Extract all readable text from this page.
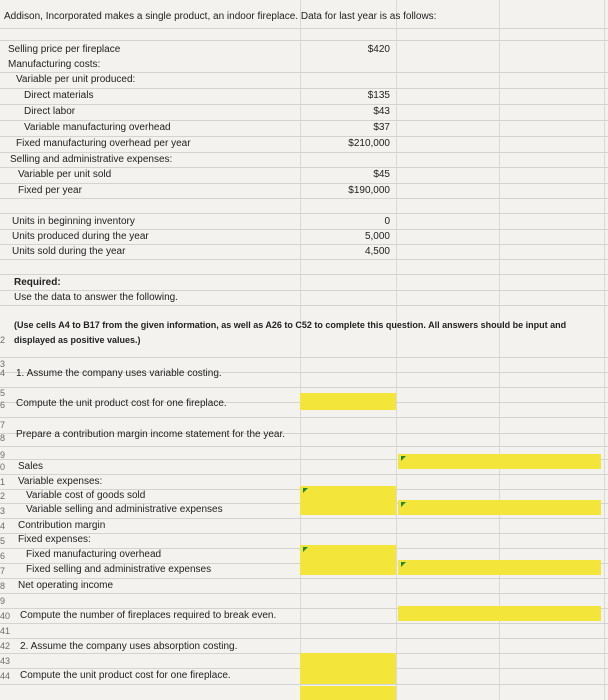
Addison, Incorporated makes a single product, an indoor fireplace. Data for last year is as follows:
Selling price per fireplace	$420
Manufacturing costs:
Variable per unit produced:
Direct materials	$135
Direct labor	$43
Variable manufacturing overhead	$37
Fixed manufacturing overhead per year	$210,000
Selling and administrative expenses:
Variable per unit sold	$45
Fixed per year	$190,000
Units in beginning inventory	0
Units produced during the year	5,000
Units sold during the year	4,500
Required:
Use the data to answer the following.
(Use cells A4 to B17 from the given information, as well as A26 to C52 to complete this question. All answers should be input and
displayed as positive values.)
2
3
4
5
6
7
8
9
0
1
2
3
4
5
6
7
8
9
40
41
42
43
44
1. Assume the company uses variable costing.
Compute the unit product cost for one fireplace.
Prepare a contribution margin income statement for the year.
Sales
Variable expenses:
Variable cost of goods sold
Variable selling and administrative expenses
Contribution margin
Fixed expenses:
Fixed manufacturing overhead
Fixed selling and administrative expenses
Net operating income
Compute the number of fireplaces required to break even.
2. Assume the company uses absorption costing.
Compute the unit product cost for one fireplace.
